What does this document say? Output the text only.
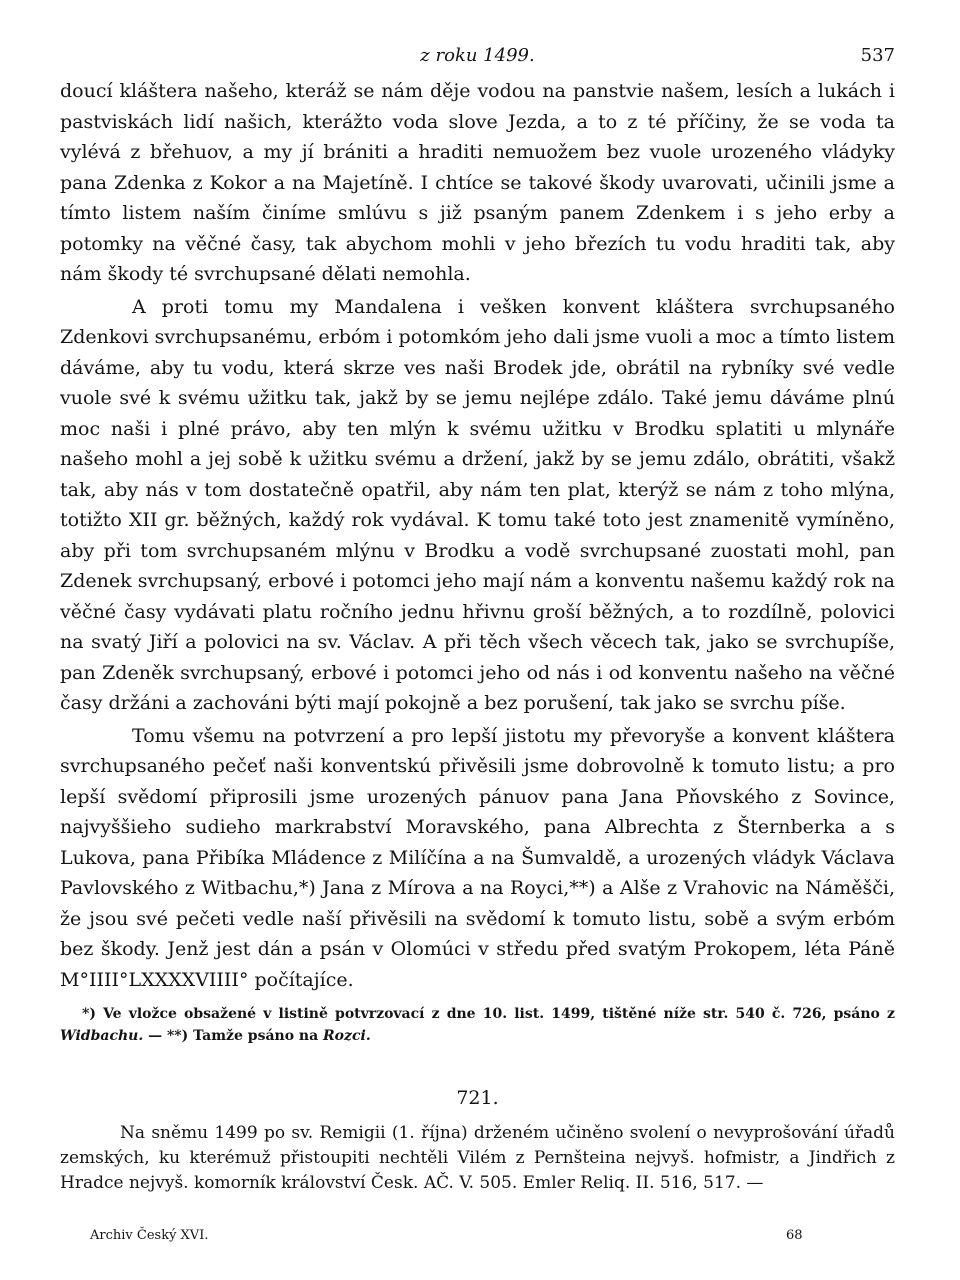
z roku 1499.	537

doucí kláštera našeho, kteráž se nám děje vodou na panstvie našem, lesích a lukách i pastviskách lidí našich, kterážto voda slove Jezda, a to z té příčiny, že se voda ta vylévá z břehuov, a my jí brániti a hraditi nemuožem bez vuole urozeného vládyky pana Zdenka z Kokor a na Majetíně. I chtíce se takové škody uvarovati, učinili jsme a tímto listem naším činíme smlúvu s již psaným panem Zdenkem i s jeho erby a potomky na věčné časy, tak abychom mohli v jeho březích tu vodu hraditi tak, aby nám škody té svrchupsané dělati nemohla.

A proti tomu my Mandalena i vešken konvent kláštera svrchupsaného Zdenkovi svrchupsanému, erbóm i potomkóm jeho dali jsme vuoli a moc a tímto listem dáváme, aby tu vodu, která skrze ves naši Brodek jde, obrátil na rybníky své vedle vuole své k svému užitku tak, jakž by se jemu nejlépe zdálo. Také jemu dáváme plnú moc naši i plné právo, aby ten mlýn k svému užitku v Brodku splatiti u mlynáře našeho mohl a jej sobě k užitku svému a držení, jakž by se jemu zdálo, obrátiti, všakž tak, aby nás v tom dostatečně opatřil, aby nám ten plat, kterýž se nám z toho mlýna, totižto XII gr. běžných, každý rok vydával. K tomu také toto jest znamenitě vymíněno, aby při tom svrchupsaném mlýnu v Brodku a vodě svrchupsané zuostati mohl, pan Zdenek svrchupsaný, erbové i potomci jeho mají nám a konventu našemu každý rok na věčné časy vydávati platu ročního jednu hřivnu groší běžných, a to rozdílně, polovici na svatý Jiří a polovici na sv. Václav. A při těch všech věcech tak, jako se svrchupíše, pan Zdeněk svrchupsaný, erbové i potomci jeho od nás i od konventu našeho na věčné časy držáni a zachováni býti mají pokojně a bez porušení, tak jako se svrchu píše.

Tomu všemu na potvrzení a pro lepší jistotu my převoryše a konvent kláštera svrchupsaného pečeť naši konventskú přivěsili jsme dobrovolně k tomuto listu; a pro lepší svědomí připrosili jsme urozených pánuov pana Jana Pňovského z Sovince, najvyššieho sudieho markrabství Moravského, pana Albrechta z Šternberka a s Lukova, pana Přibíka Mládence z Milíčína a na Šumvaldě, a urozených vládyk Václava Pavlovského z Witbachu,*) Jana z Mírova a na Royci,**) a Alše z Vrahovic na Náměšči, že jsou své pečeti vedle naší přivěsili na svědomí k tomuto listu, sobě a svým erbóm bez škody. Jenž jest dán a psán v Olomúci v středu před svatým Prokopem, léta Páně M°IIII°LXXXXVIIII° počítajíce.

*) Ve vložce obsažené v listině potvrzovací z dne 10. list. 1499, tištěné níže str. 540 č. 726, psáno z Widbachu. — **) Tamže psáno na Rozci.
721.
Na sněmu 1499 po sv. Remigii (1. října) drženém učiněno svolení o nevyprošování úřadů zemských, ku kterémuž přistoupiti nechtěli Vilém z Pernšteina nejvyš. hofmistr, a Jindřich z Hradce nejvyš. komorník království Česk. AČ. V. 505. Emler Reliq. II. 516, 517. —
Archiv Český XVI.	68
